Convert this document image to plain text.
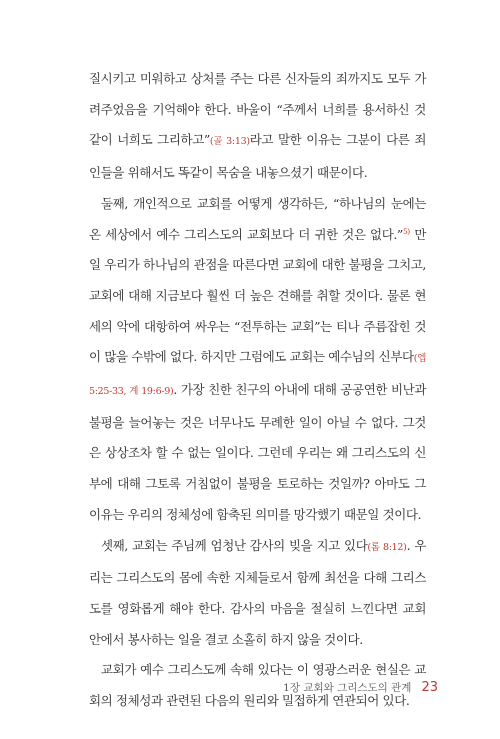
질시키고 미워하고 상처를 주는 다른 신자들의 죄까지도 모두 가려주었음을 기억해야 한다. 바울이 “주께서 너희를 용서하신 것 같이 너희도 그리하고”(골 3:13)라고 말한 이유는 그분이 다른 죄인들을 위해서도 똑같이 목숨을 내놓으셨기 때문이다.

둘째, 개인적으로 교회를 어떻게 생각하든, “하나님의 눈에는 온 세상에서 예수 그리스도의 교회보다 더 귀한 것은 없다.”$^{5)}$ 만일 우리가 하나님의 관점을 따른다면 교회에 대한 불평을 그치고, 교회에 대해 지금보다 훨씬 더 높은 견해를 취할 것이다. 물론 현세의 악에 대항하여 싸우는 “전투하는 교회”는 티나 주름잡힌 것이 많을 수밖에 없다. 하지만 그럼에도 교회는 예수님의 신부다(엡 5:25-33, 계 19:6-9). 가장 친한 친구의 아내에 대해 공공연한 비난과 불평을 늘어놓는 것은 너무나도 무례한 일이 아닐 수 없다. 그것은 상상조차 할 수 없는 일이다. 그런데 우리는 왜 그리스도의 신부에 대해 그토록 거침없이 불평을 토로하는 것일까? 아마도 그 이유는 우리의 정체성에 함축된 의미를 망각했기 때문일 것이다.

셋째, 교회는 주님께 엄청난 감사의 빚을 지고 있다(롬 8:12). 우리는 그리스도의 몸에 속한 지체들로서 함께 최선을 다해 그리스도를 영화롭게 해야 한다. 감사의 마음을 절실히 느낀다면 교회 안에서 봉사하는 일을 결코 소홀히 하지 않을 것이다.

교회가 예수 그리스도께 속해 있다는 이 영광스러운 현실은 교회의 정체성과 관련된 다음의 원리와 밀접하게 연관되어 있다.

1장 교회와 그리스도의 관계 23
